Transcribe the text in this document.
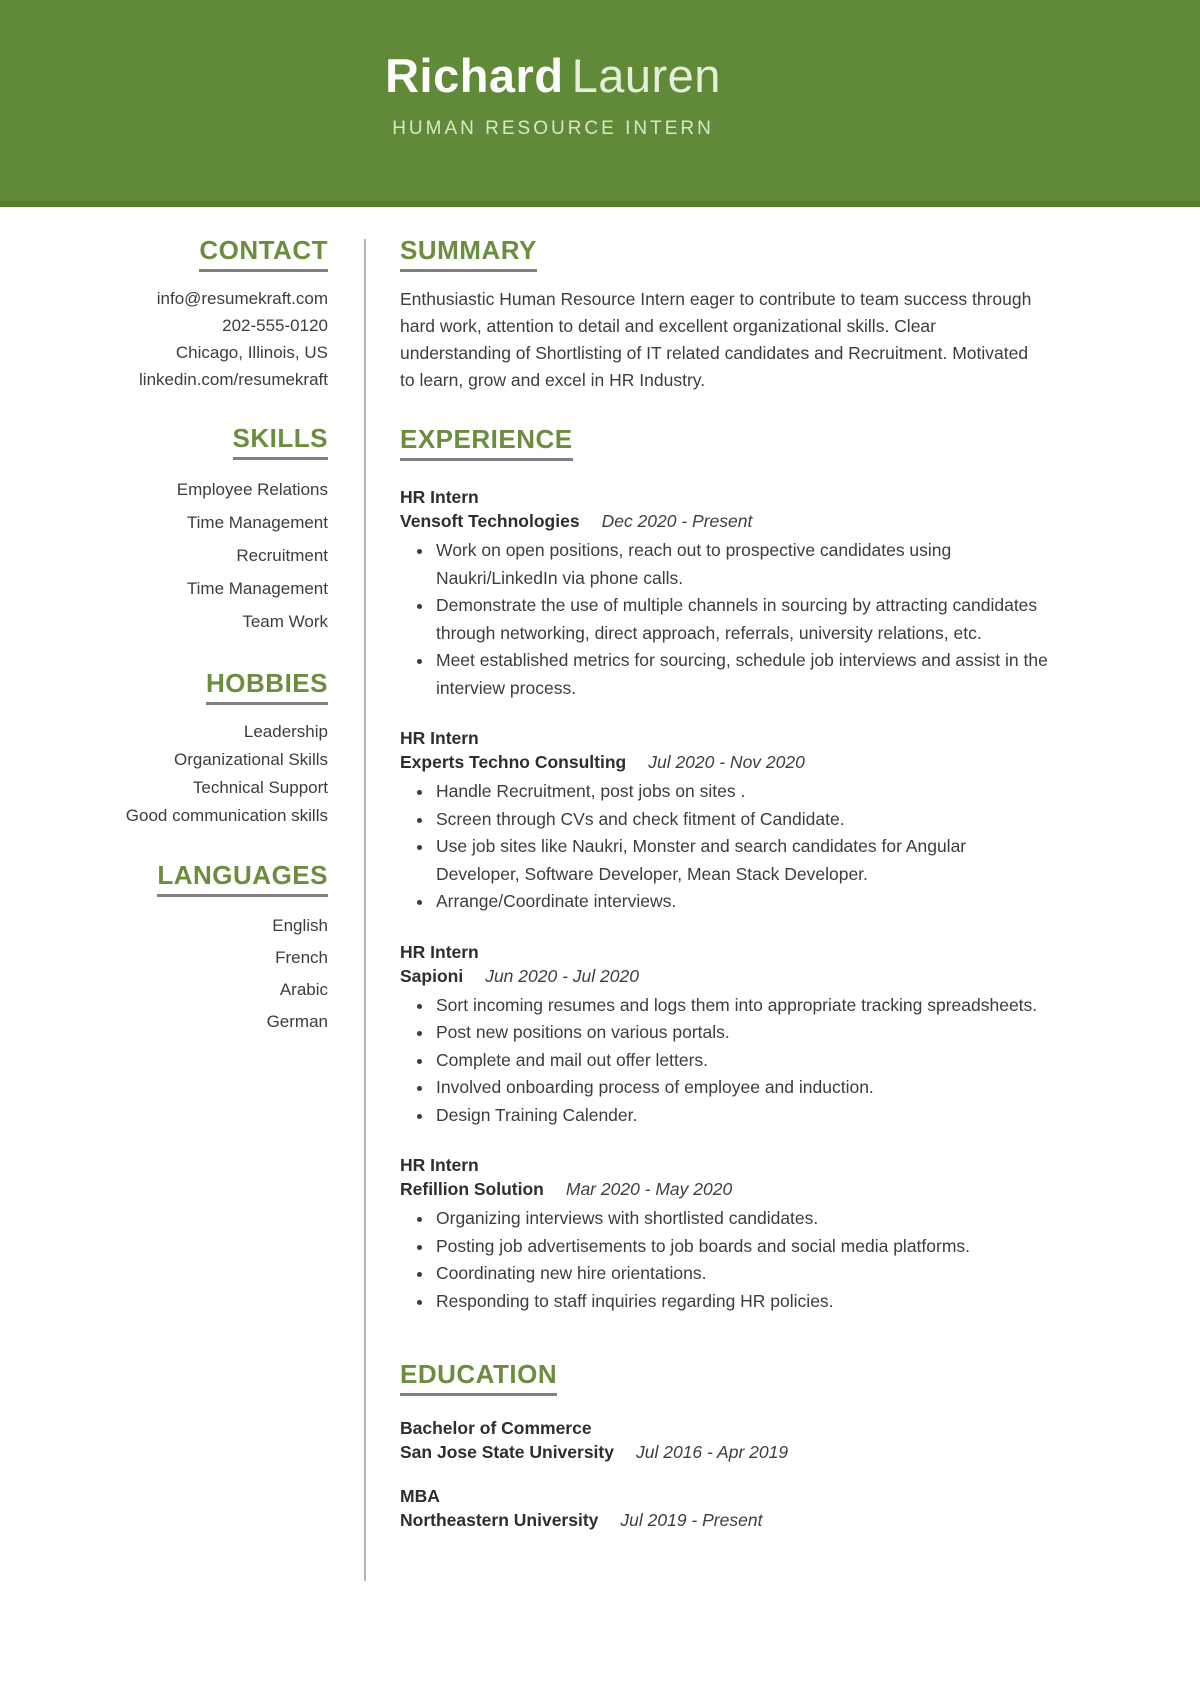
Richard Lauren
HUMAN RESOURCE INTERN
CONTACT
info@resumekraft.com
202-555-0120
Chicago, Illinois, US
linkedin.com/resumekraft
SKILLS
Employee Relations
Time Management
Recruitment
Time Management
Team Work
HOBBIES
Leadership
Organizational Skills
Technical Support
Good communication skills
LANGUAGES
English
French
Arabic
German
SUMMARY

Enthusiastic Human Resource Intern eager to contribute to team success through hard work, attention to detail and excellent organizational skills. Clear understanding of Shortlisting of IT related candidates and Recruitment. Motivated to learn, grow and excel in HR Industry.

EXPERIENCE
HR Intern
Vensoft Technologies Dec 2020 - Present
• Work on open positions, reach out to prospective candidates using Naukri/LinkedIn via phone calls.
• Demonstrate the use of multiple channels in sourcing by attracting candidates through networking, direct approach, referrals, university relations, etc.
• Meet established metrics for sourcing, schedule job interviews and assist in the interview process.
HR Intern
Experts Techno Consulting Jul 2020 - Nov 2020
• Handle Recruitment, post jobs on sites .
• Screen through CVs and check fitment of Candidate.
• Use job sites like Naukri, Monster and search candidates for Angular Developer, Software Developer, Mean Stack Developer.
• Arrange/Coordinate interviews.
HR Intern
Sapioni Jun 2020 - Jul 2020
• Sort incoming resumes and logs them into appropriate tracking spreadsheets.
• Post new positions on various portals.
• Complete and mail out offer letters.
• Involved onboarding process of employee and induction.
• Design Training Calender.
HR Intern
Refillion Solution Mar 2020 - May 2020
• Organizing interviews with shortlisted candidates.
• Posting job advertisements to job boards and social media platforms.
• Coordinating new hire orientations.
• Responding to staff inquiries regarding HR policies.
EDUCATION
Bachelor of Commerce
San Jose State University Jul 2016 - Apr 2019
MBA
Northeastern University Jul 2019 - Present
